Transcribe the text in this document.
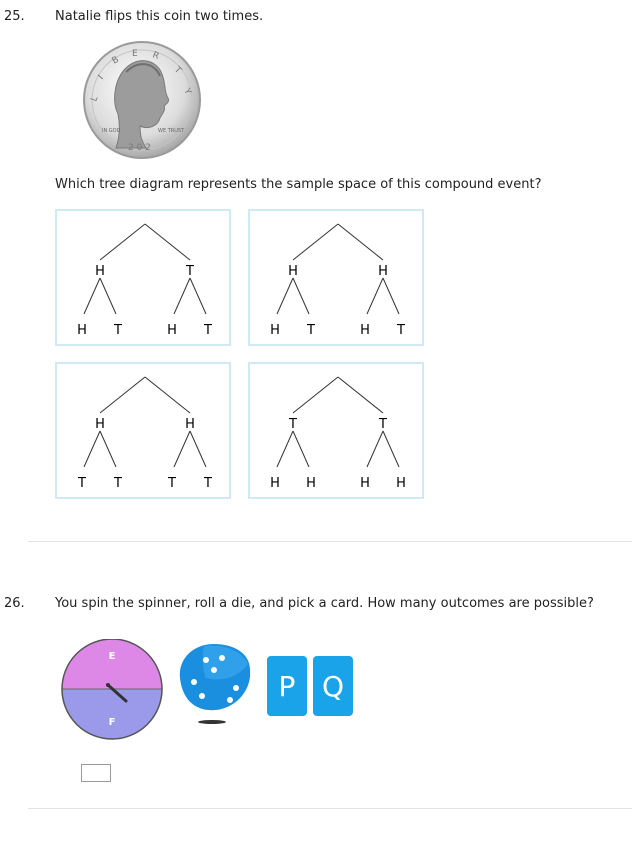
25. Natalie flips this coin two times.
L
I
B
E R
T
Y
IN GOD	WE TRUST
2 0 2
Which tree diagram represents the sample space of this compound event?
H	T
H T	H T
H	H
H T	H T
H	H
T T	T T
T	T
H H	H H
26. You spin the spinner, roll a die, and pick a card. How many outcomes are possible?
E
F
P Q
